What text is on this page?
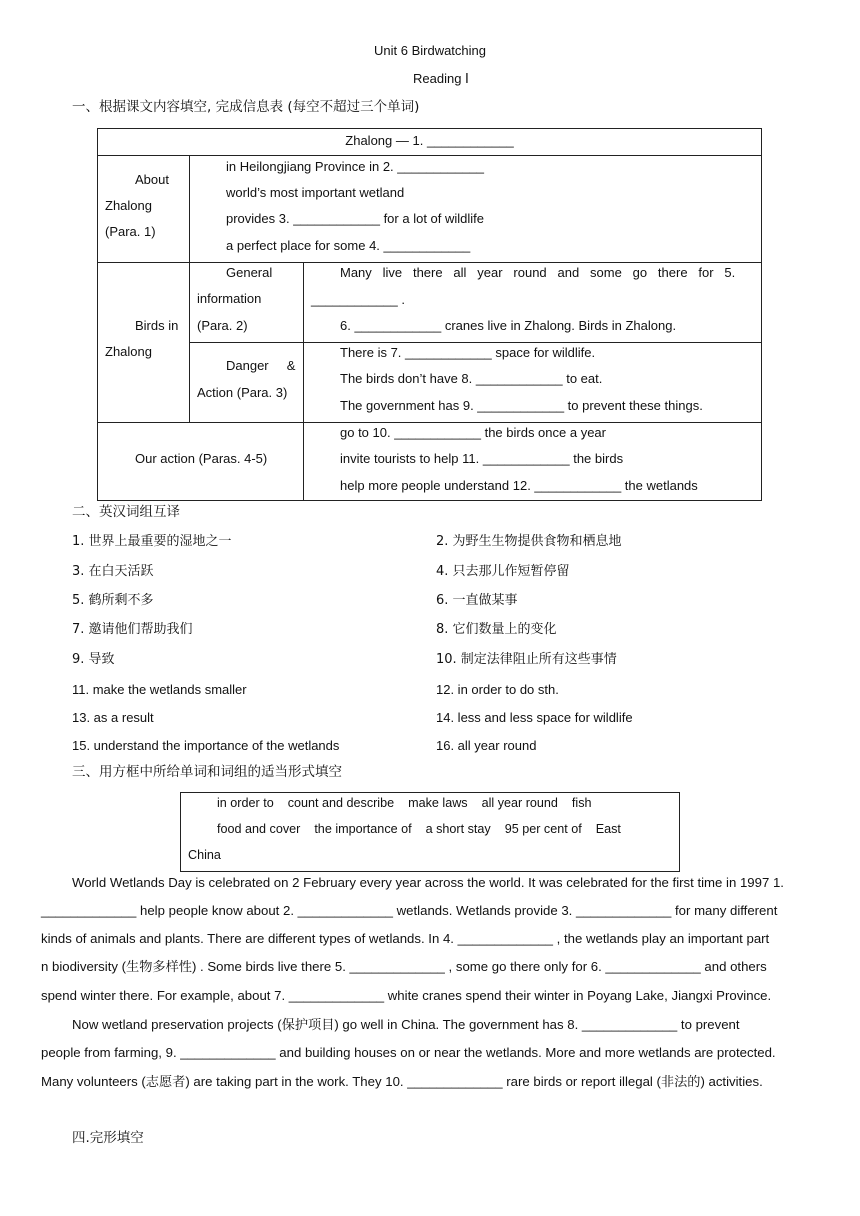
Unit 6 Birdwatching
Reading Ⅰ
一、根据课文内容填空, 完成信息表 (每空不超过三个单词)
Zhalong — 1. ____________
About
Zhalong
(Para. 1)
in Heilongjiang Province in 2. ____________
world’s most important wetland
provides 3. ____________ for a lot of wildlife
a perfect place for some 4. ____________
Birds in
Zhalong
General
information
(Para. 2)
Many   live   there   all   year   round   and   some   go   there   for   5.
____________ .
6. ____________ cranes live in Zhalong. Birds in Zhalong.
Danger     &
Action (Para. 3)
There is 7. ____________ space for wildlife.
The birds don’t have 8. ____________ to eat.
The government has 9. ____________ to prevent these things.
Our action (Paras. 4-5)
go to 10. ____________ the birds once a year
invite tourists to help 11. ____________ the birds
help more people understand 12. ____________ the wetlands
二、英汉词组互译
1. 世界上最重要的湿地之一
3. 在白天活跃
5. 鹤所剩不多
7. 邀请他们帮助我们
9. 导致
11. make the wetlands smaller
13. as a result
15. understand the importance of the wetlands
2. 为野生生物提供食物和栖息地
4. 只去那儿作短暂停留
6. 一直做某事
8. 它们数量上的变化
10. 制定法律阻止所有这些事情
12. in order to do sth.
14. less and less space for wildlife
16. all year round
三、用方框中所给单词和词组的适当形式填空
in order to    count and describe    make laws    all year round    fish
food and cover    the importance of    a short stay    95 per cent of    East
China
World Wetlands Day is celebrated on 2 February every year across the world. It was celebrated for the first time in 1997 1.
_____________ help people know about 2. _____________ wetlands. Wetlands provide 3. _____________ for many different
kinds of animals and plants. There are different types of wetlands. In 4. _____________ , the wetlands play an important part
n biodiversity (生物多样性) . Some birds live there 5. _____________ , some go there only for 6. _____________ and others
spend winter there. For example, about 7. _____________ white cranes spend their winter in Poyang Lake, Jiangxi Province.
Now wetland preservation projects (保护项目) go well in China. The government has 8. _____________ to prevent
people from farming, 9. _____________ and building houses on or near the wetlands. More and more wetlands are protected.
Many volunteers (志愿者) are taking part in the work. They 10. _____________ rare birds or report illegal (非法的) activities.
四.完形填空
